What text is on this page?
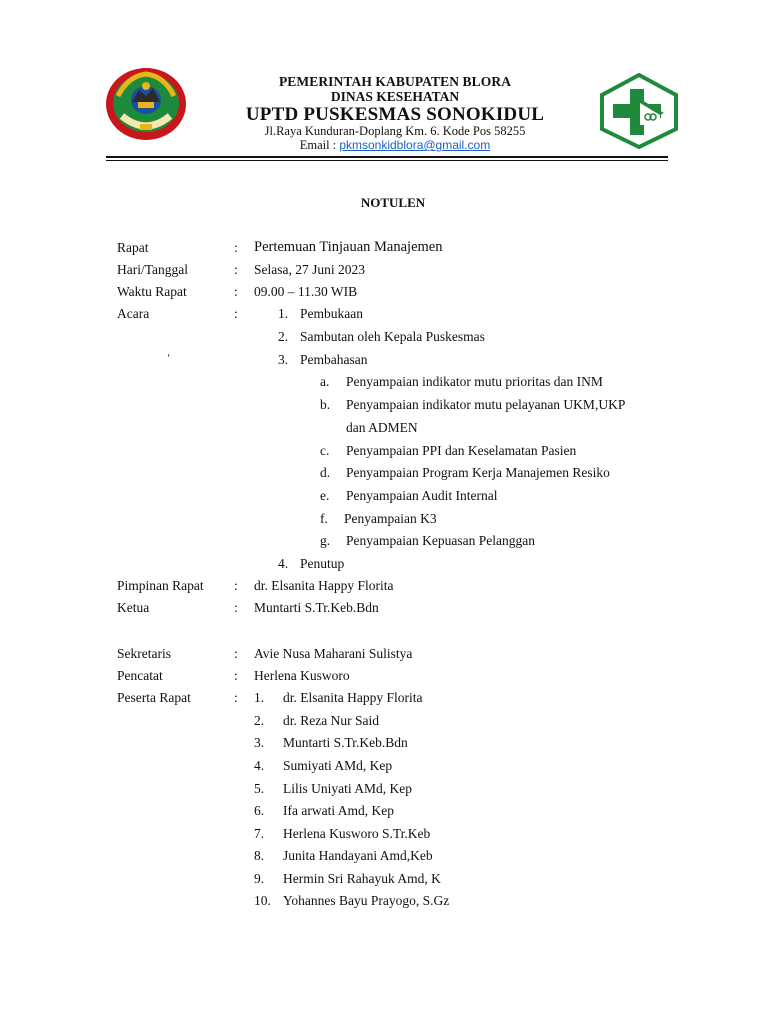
PEMERINTAH KABUPATEN BLORA
DINAS KESEHATAN
UPTD PUSKESMAS SONOKIDUL
Jl.Raya Kunduran-Doplang Km. 6. Kode Pos 58255
Email : pkmsonkidblora@gmail.com
NOTULEN
Rapat	: Pertemuan Tinjauan Manajemen
Hari/Tanggal	: Selasa, 27 Juni 2023
Waktu Rapat	: 09.00 – 11.30 WIB
Acara	:	1. Pembukaan
2. Sambutan oleh Kepala Puskesmas
‘	3. Pembahasan
a. Penyampaian indikator mutu prioritas dan INM
b. Penyampaian indikator mutu pelayanan UKM,UKP
dan ADMEN
c. Penyampaian PPI dan Keselamatan Pasien
d. Penyampaian Program Kerja Manajemen Resiko
e. Penyampaian Audit Internal
f. Penyampaian K3
g. Penyampaian Kepuasan Pelanggan
4. Penutup
Pimpinan Rapat : dr. Elsanita Happy Florita
Ketua	: Muntarti S.Tr.Keb.Bdn
Sekretaris	: Avie Nusa Maharani Sulistya
Pencatat	: Herlena Kusworo
Peserta Rapat	: 1. dr. Elsanita Happy Florita
2. dr. Reza Nur Said
3. Muntarti S.Tr.Keb.Bdn
4. Sumiyati AMd, Kep
5. Lilis Uniyati AMd, Kep
6. Ifa arwati Amd, Kep
7. Herlena Kusworo S.Tr.Keb
8. Junita Handayani Amd,Keb
9. Hermin Sri Rahayuk Amd, K
10. Yohannes Bayu Prayogo, S.Gz
